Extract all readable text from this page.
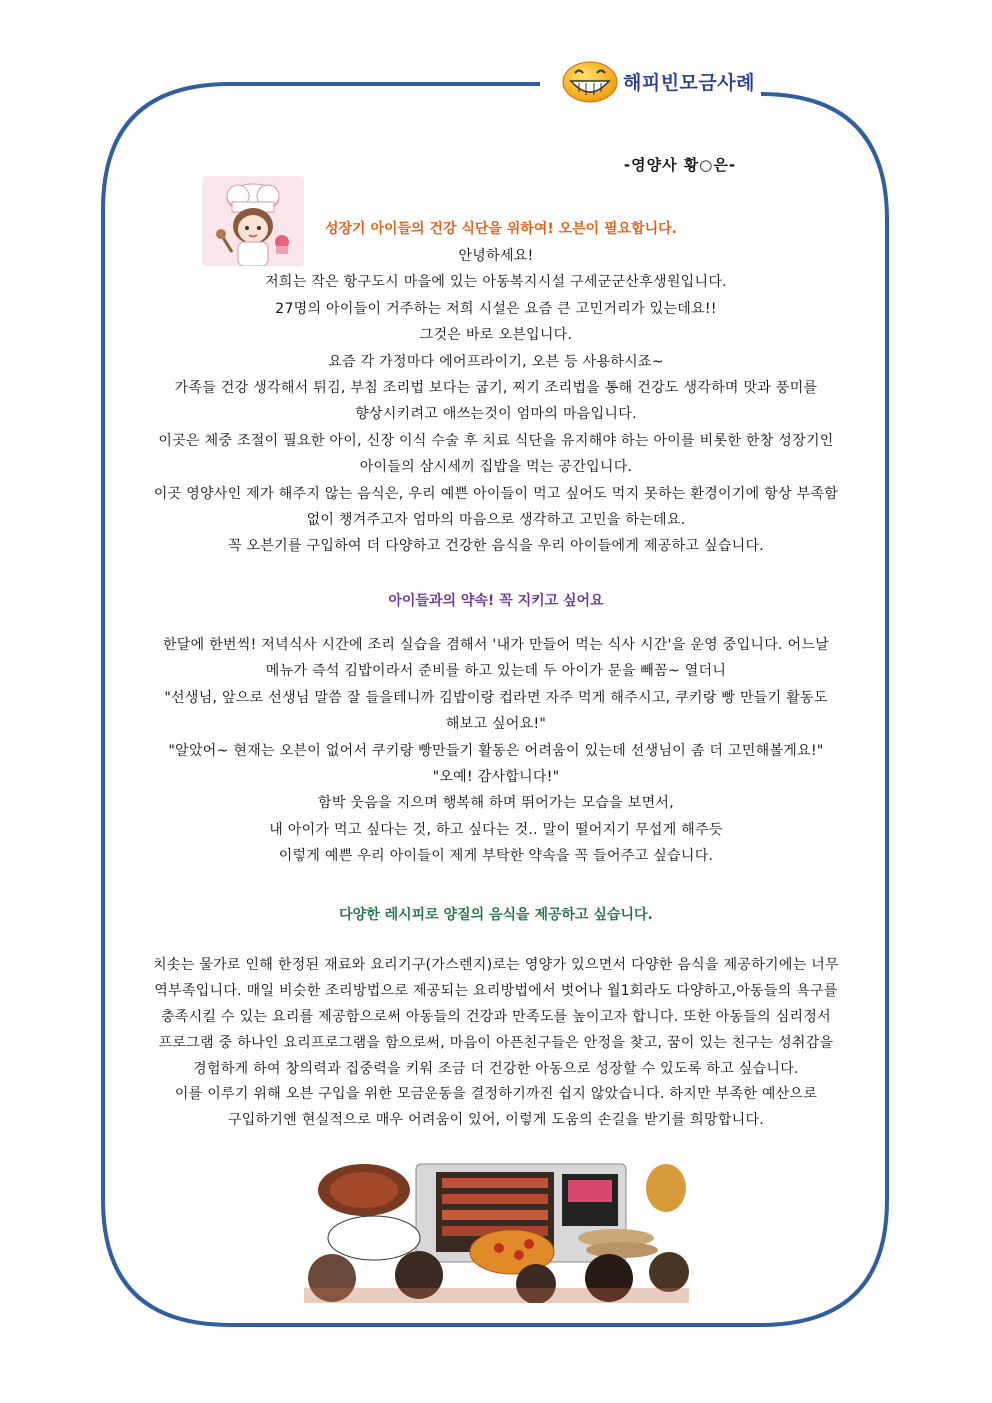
해피빈모금사례
-영양사 황○은-
성장기 아이들의 건강 식단을 위하여! 오븐이 필요합니다.
안녕하세요!
저희는 작은 항구도시 마을에 있는 아동복지시설 구세군군산후생원입니다.
27명의 아이들이 거주하는 저희 시설은 요즘 큰 고민거리가 있는데요!!
그것은 바로 오븐입니다.
요즘 각 가정마다 에어프라이기, 오븐 등 사용하시죠~
가족들 건강 생각해서 튀김, 부침 조리법 보다는 굽기, 찌기 조리법을 통해 건강도 생각하며 맛과 풍미를
향상시키려고 애쓰는것이 엄마의 마음입니다.
이곳은 체중 조절이 필요한 아이, 신장 이식 수술 후 치료 식단을 유지해야 하는 아이를 비롯한 한창 성장기인
아이들의 삼시세끼 집밥을 먹는 공간입니다.
이곳 영양사인 제가 해주지 않는 음식은, 우리 예쁜 아이들이 먹고 싶어도 먹지 못하는 환경이기에 항상 부족함
없이 챙겨주고자 엄마의 마음으로 생각하고 고민을 하는데요.
꼭 오븐기를 구입하여 더 다양하고 건강한 음식을 우리 아이들에게 제공하고 싶습니다.
아이들과의 약속! 꼭 지키고 싶어요
한달에 한번씩! 저녁식사 시간에 조리 실습을 겸해서 '내가 만들어 먹는 식사 시간'을 운영 중입니다. 어느날
메뉴가 즉석 김밥이라서 준비를 하고 있는데 두 아이가 문을 빼꼼~ 열더니
"선생님, 앞으로 선생님 말씀 잘 들을테니까 김밥이랑 컵라면 자주 먹게 해주시고, 쿠키랑 빵 만들기 활동도
해보고 싶어요!"
"알았어~ 현재는 오븐이 없어서 쿠키랑 빵만들기 활동은 어려움이 있는데 선생님이 좀 더 고민해볼게요!"
"오예! 감사합니다!"
함박 웃음을 지으며 행복해 하며 뛰어가는 모습을 보면서,
내 아이가 먹고 싶다는 것, 하고 싶다는 것.. 말이 떨어지기 무섭게 해주듯
이렇게 예쁜 우리 아이들이 제게 부탁한 약속을 꼭 들어주고 싶습니다.
다양한 레시피로 양질의 음식을 제공하고 싶습니다.
치솟는 물가로 인해 한정된 재료와 요리기구(가스렌지)로는 영양가 있으면서 다양한 음식을 제공하기에는 너무
역부족입니다. 매일 비슷한 조리방법으로 제공되는 요리방법에서 벗어나 월1회라도 다양하고,아동들의 욕구를
충족시킬 수 있는 요리를 제공함으로써 아동들의 건강과 만족도를 높이고자 합니다. 또한 아동들의 심리정서
프로그램 중 하나인 요리프로그램을 함으로써, 마음이 아픈친구들은 안정을 찾고, 꿈이 있는 친구는 성취감을
경험하게 하여 창의력과 집중력을 키워 조금 더 건강한 아동으로 성장할 수 있도록 하고 싶습니다.
이를 이루기 위해 오븐 구입을 위한 모금운동을 결정하기까진 쉽지 않았습니다. 하지만 부족한 예산으로
구입하기엔 현실적으로 매우 어려움이 있어, 이렇게 도움의 손길을 받기를 희망합니다.
